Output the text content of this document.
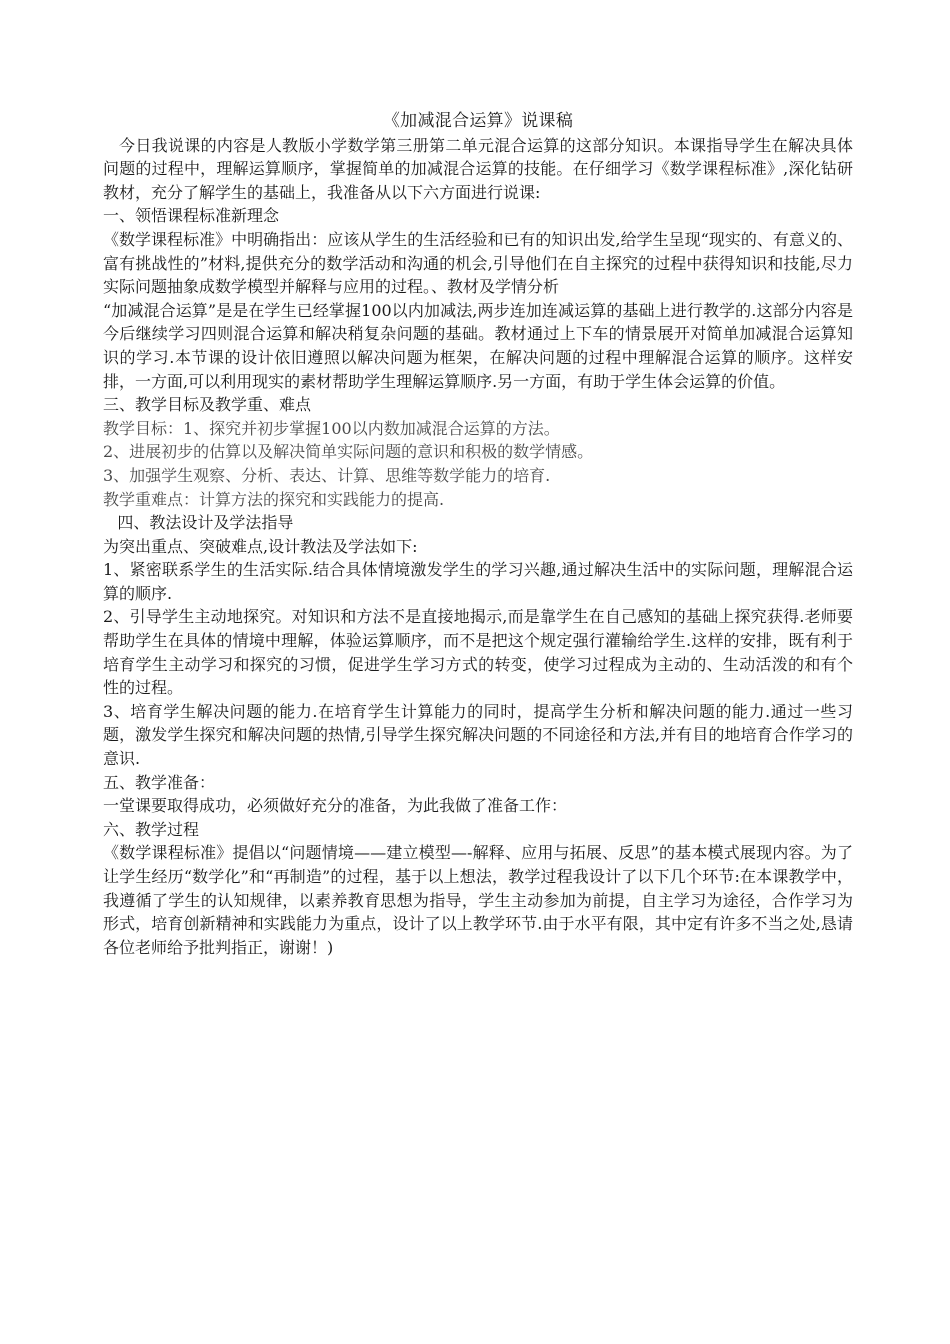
《加减混合运算》说课稿

今日我说课的内容是人教版小学数学第三册第二单元混合运算的这部分知识。本课指导学生在解决具体问题的过程中，理解运算顺序，掌握简单的加减混合运算的技能。在仔细学习《数学课程标准》,深化钻研教材，充分了解学生的基础上，我准备从以下六方面进行说课:

一、领悟课程标准新理念

《数学课程标准》中明确指出：应该从学生的生活经验和已有的知识出发,给学生呈现“现实的、有意义的、富有挑战性的”材料,提供充分的数学活动和沟通的机会,引导他们在自主探究的过程中获得知识和技能,尽力实际问题抽象成数学模型并解释与应用的过程。、教材及学情分析

“加减混合运算”是是在学生已经掌握100以内加减法,两步连加连减运算的基础上进行教学的.这部分内容是今后继续学习四则混合运算和解决稍复杂问题的基础。教材通过上下车的情景展开对简单加减混合运算知识的学习.本节课的设计依旧遵照以解决问题为框架，在解决问题的过程中理解混合运算的顺序。这样安排，一方面,可以利用现实的素材帮助学生理解运算顺序.另一方面，有助于学生体会运算的价值。

三、教学目标及教学重、难点

教学目标：1、探究并初步掌握100以内数加减混合运算的方法。

2、进展初步的估算以及解决简单实际问题的意识和积极的数学情感。

3、加强学生观察、分析、表达、计算、思维等数学能力的培育.

教学重难点：计算方法的探究和实践能力的提高.

四、教法设计及学法指导

为突出重点、突破难点,设计教法及学法如下:

1、紧密联系学生的生活实际.结合具体情境激发学生的学习兴趣,通过解决生活中的实际问题，理解混合运算的顺序.

2、引导学生主动地探究。对知识和方法不是直接地揭示,而是靠学生在自己感知的基础上探究获得.老师要帮助学生在具体的情境中理解，体验运算顺序，而不是把这个规定强行灌输给学生.这样的安排，既有利于培育学生主动学习和探究的习惯，促进学生学习方式的转变，使学习过程成为主动的、生动活泼的和有个性的过程。

3、培育学生解决问题的能力.在培育学生计算能力的同时，提高学生分析和解决问题的能力.通过一些习题，激发学生探究和解决问题的热情,引导学生探究解决问题的不同途径和方法,并有目的地培育合作学习的意识.

五、教学准备：

一堂课要取得成功，必须做好充分的准备，为此我做了准备工作：

六、教学过程

《数学课程标准》提倡以“问题情境——建立模型—-解释、应用与拓展、反思”的基本模式展现内容。为了让学生经历“数学化”和“再制造”的过程，基于以上想法，教学过程我设计了以下几个环节:在本课教学中，我遵循了学生的认知规律，以素养教育思想为指导，学生主动参加为前提，自主学习为途径，合作学习为形式，培育创新精神和实践能力为重点，设计了以上教学环节.由于水平有限，其中定有许多不当之处,恳请各位老师给予批判指正，谢谢！)
